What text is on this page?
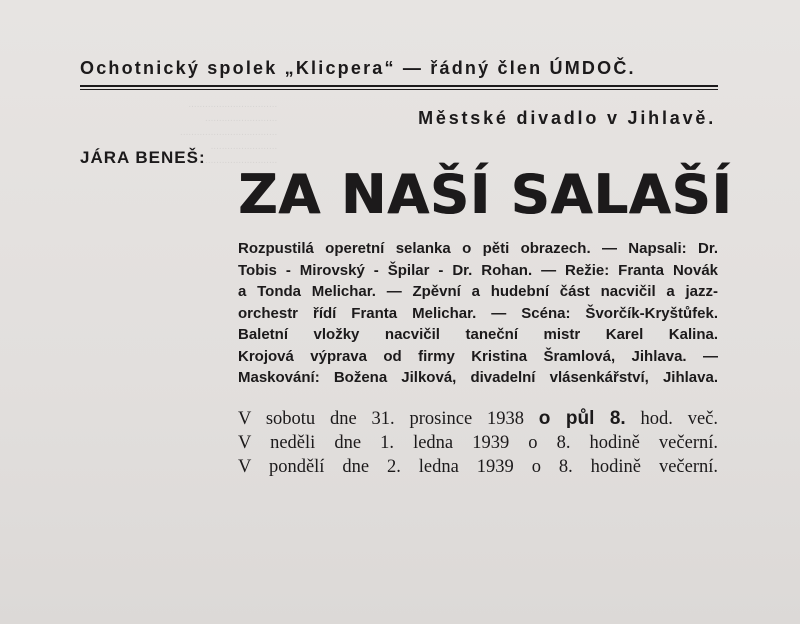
................................
..........................
...................................
........................
..............................
Ochotnický spolek „Klicpera“ — řádný člen ÚMDOČ.
Městské divadlo v Jihlavě.
JÁRA BENEŠ:
ZA NAŠÍ SALAŠÍ
Rozpustilá operetní selanka o pěti obrazech. — Napsali: Dr.
Tobis - Mirovský - Špilar - Dr. Rohan. — Režie: Franta Novák
a Tonda Melichar. — Zpěvní a hudební část nacvičil a jazz-
orchestr řídí Franta Melichar. — Scéna: Švorčík-Kryštůfek.
Baletní vložky nacvičil taneční mistr Karel Kalina.
Krojová výprava od firmy Kristina Šramlová, Jihlava. —
Maskování: Božena Jilková, divadelní vlásenkářství, Jihlava.
V sobotu dne 31. prosince 1938 o půl 8. hod. več.
V neděli dne 1. ledna 1939 o 8. hodině večerní.
V pondělí dne 2. ledna 1939 o 8. hodině večerní.
